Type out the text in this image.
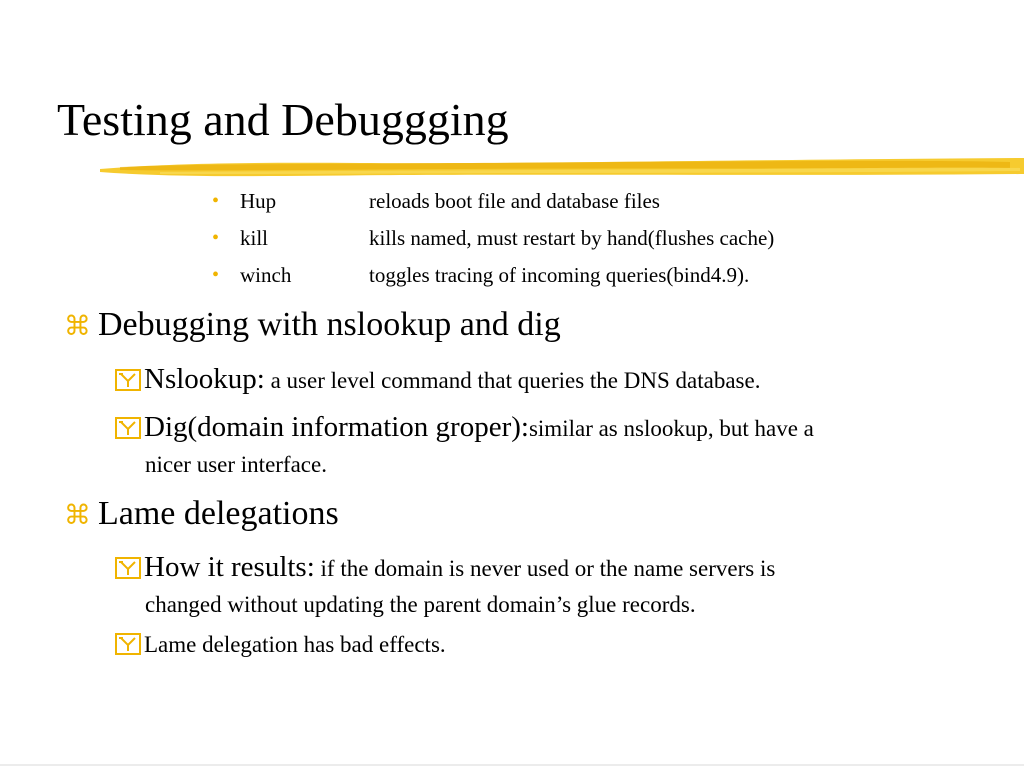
Testing and Debuggging
• Hup	reloads boot file and database files
• kill	kills named, must restart by hand(flushes cache)
• winch	toggles tracing of incoming queries(bind4.9).
⌘ Debugging with nslookup and dig
Nslookup: a user level command that queries the DNS database.
Dig(domain information groper):similar as nslookup, but have a
nicer user interface.
⌘ Lame delegations
How it results: if the domain is never used or the name servers is
changed without updating the parent domain’s glue records.
Lame delegation has bad effects.
